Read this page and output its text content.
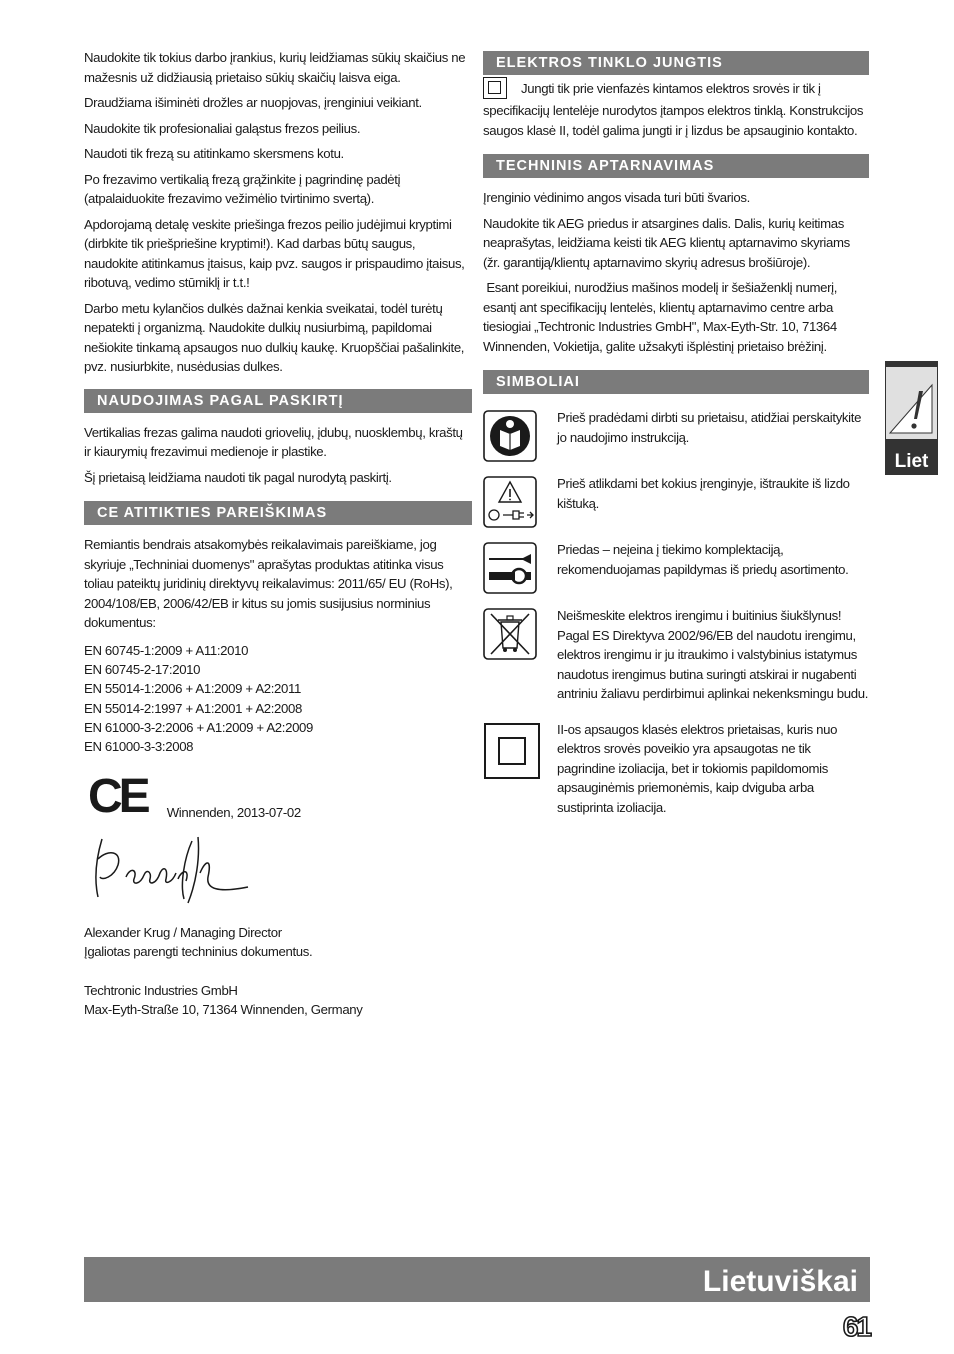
Naudokite tik tokius darbo įrankius, kurių leidžiamas sūkių skaičius ne mažesnis už didžiausią prietaiso sūkių skaičių laisva eiga.

Draudžiama išiminėti drožles ar nuopjovas, įrenginiui veikiant.

Naudokite tik profesionaliai galąstus frezos peilius.

Naudoti tik frezą su atitinkamo skersmens kotu.

Po frezavimo vertikalią frezą grąžinkite į pagrindinę padėtį (atpalaiduokite frezavimo vežimėlio tvirtinimo svertą).

Apdorojamą detalę veskite priešinga frezos peilio judėjimui kryptimi (dirbkite tik priešpriešine kryptimi!). Kad darbas būtų saugus, naudokite atitinkamus įtaisus, kaip pvz. saugos ir prispaudimo įtaisus, ribotuvą, vedimo stūmiklį ir t.t.!

Darbo metu kylančios dulkės dažnai kenkia sveikatai, todėl turėtų nepatekti į organizmą. Naudokite dulkių nusiurbimą, papildomai nešiokite tinkamą apsaugos nuo dulkių kaukę. Kruopščiai pašalinkite, pvz. nusiurbkite, nusėdusias dulkes.

NAUDOJIMAS PAGAL PASKIRTĮ

Vertikalias frezas galima naudoti griovelių, įdubų, nuosklembų, kraštų ir kiaurymių frezavimui medienoje ir plastike.

Šį prietaisą leidžiama naudoti tik pagal nurodytą paskirtį.

CE ATITIKTIES PAREIŠKIMAS

Remiantis bendrais atsakomybės reikalavimais pareiškiame, jog skyriuje „Techniniai duomenys" aprašytas produktas atitinka visus toliau pateiktų juridinių direktyvų reikalavimus: 2011/65/ EU (RoHs), 2004/108/EB, 2006/42/EB ir kitus su jomis susijusius norminius dokumentus:

EN 60745-1:2009 + A11:2010
EN 60745-2-17:2010
EN 55014-1:2006 + A1:2009 + A2:2011
EN 55014-2:1997 + A1:2001 + A2:2008
EN 61000-3-2:2006 + A1:2009 + A2:2009
EN 61000-3-3:2008
CE Winnenden, 2013-07-02
Alexander Krug / Managing Director
Įgaliotas parengti techninius dokumentus.
Techtronic Industries GmbH
Max-Eyth-Straße 10, 71364 Winnenden, Germany
ELEKTROS TINKLO JUNGTIS

Jungti tik prie vienfazės kintamos elektros srovės ir tik į specifikacijų lentelėje nurodytos įtampos elektros tinklą. Konstrukcijos saugos klasė II, todėl galima jungti ir į lizdus be apsauginio kontakto.

TECHNINIS APTARNAVIMAS

Įrenginio vėdinimo angos visada turi būti švarios.

Naudokite tik AEG priedus ir atsargines dalis. Dalis, kurių keitimas neaprašytas, leidžiama keisti tik AEG klientų aptarnavimo skyriams (žr. garantiją/klientų aptarnavimo skyrių adresus brošiūroje).

Esant poreikiui, nurodžius mašinos modelį ir šešiaženklį numerį, esantį ant specifikacijų lentelės, klientų aptarnavimo centre arba tiesiogiai „Techtronic Industries GmbH", Max-Eyth-Str. 10, 71364 Winnenden, Vokietija, galite užsakyti išplėstinį prietaiso brėžinį.

SIMBOLIAI
Prieš pradėdami dirbti su prietaisu, atidžiai perskaitykite jo naudojimo instrukciją.
Prieš atlikdami bet kokius įrenginyje, ištraukite iš lizdo kištuką.
Priedas – neįeina į tiekimo komplektaciją, rekomenduojamas papildymas iš priedų asortimento.
Neišmeskite elektros irengimu i buitinius šiukšlynus! Pagal ES Direktyva 2002/96/EB del naudotu irengimu, elektros irengimu ir ju itraukimo i valstybinius istatymus naudotus irengimus butina suringti atskirai ir nugabenti antriniu žaliavu perdirbimui aplinkai nekenksmingu budu.
II-os apsaugos klasės elektros prietaisas, kuris nuo elektros srovės poveikio yra apsaugotas ne tik pagrindine izoliacija, bet ir tokiomis papildomomis apsauginėmis priemonėmis, kaip dviguba arba sustiprinta izoliacija.
Liet
Lietuviškai
61
